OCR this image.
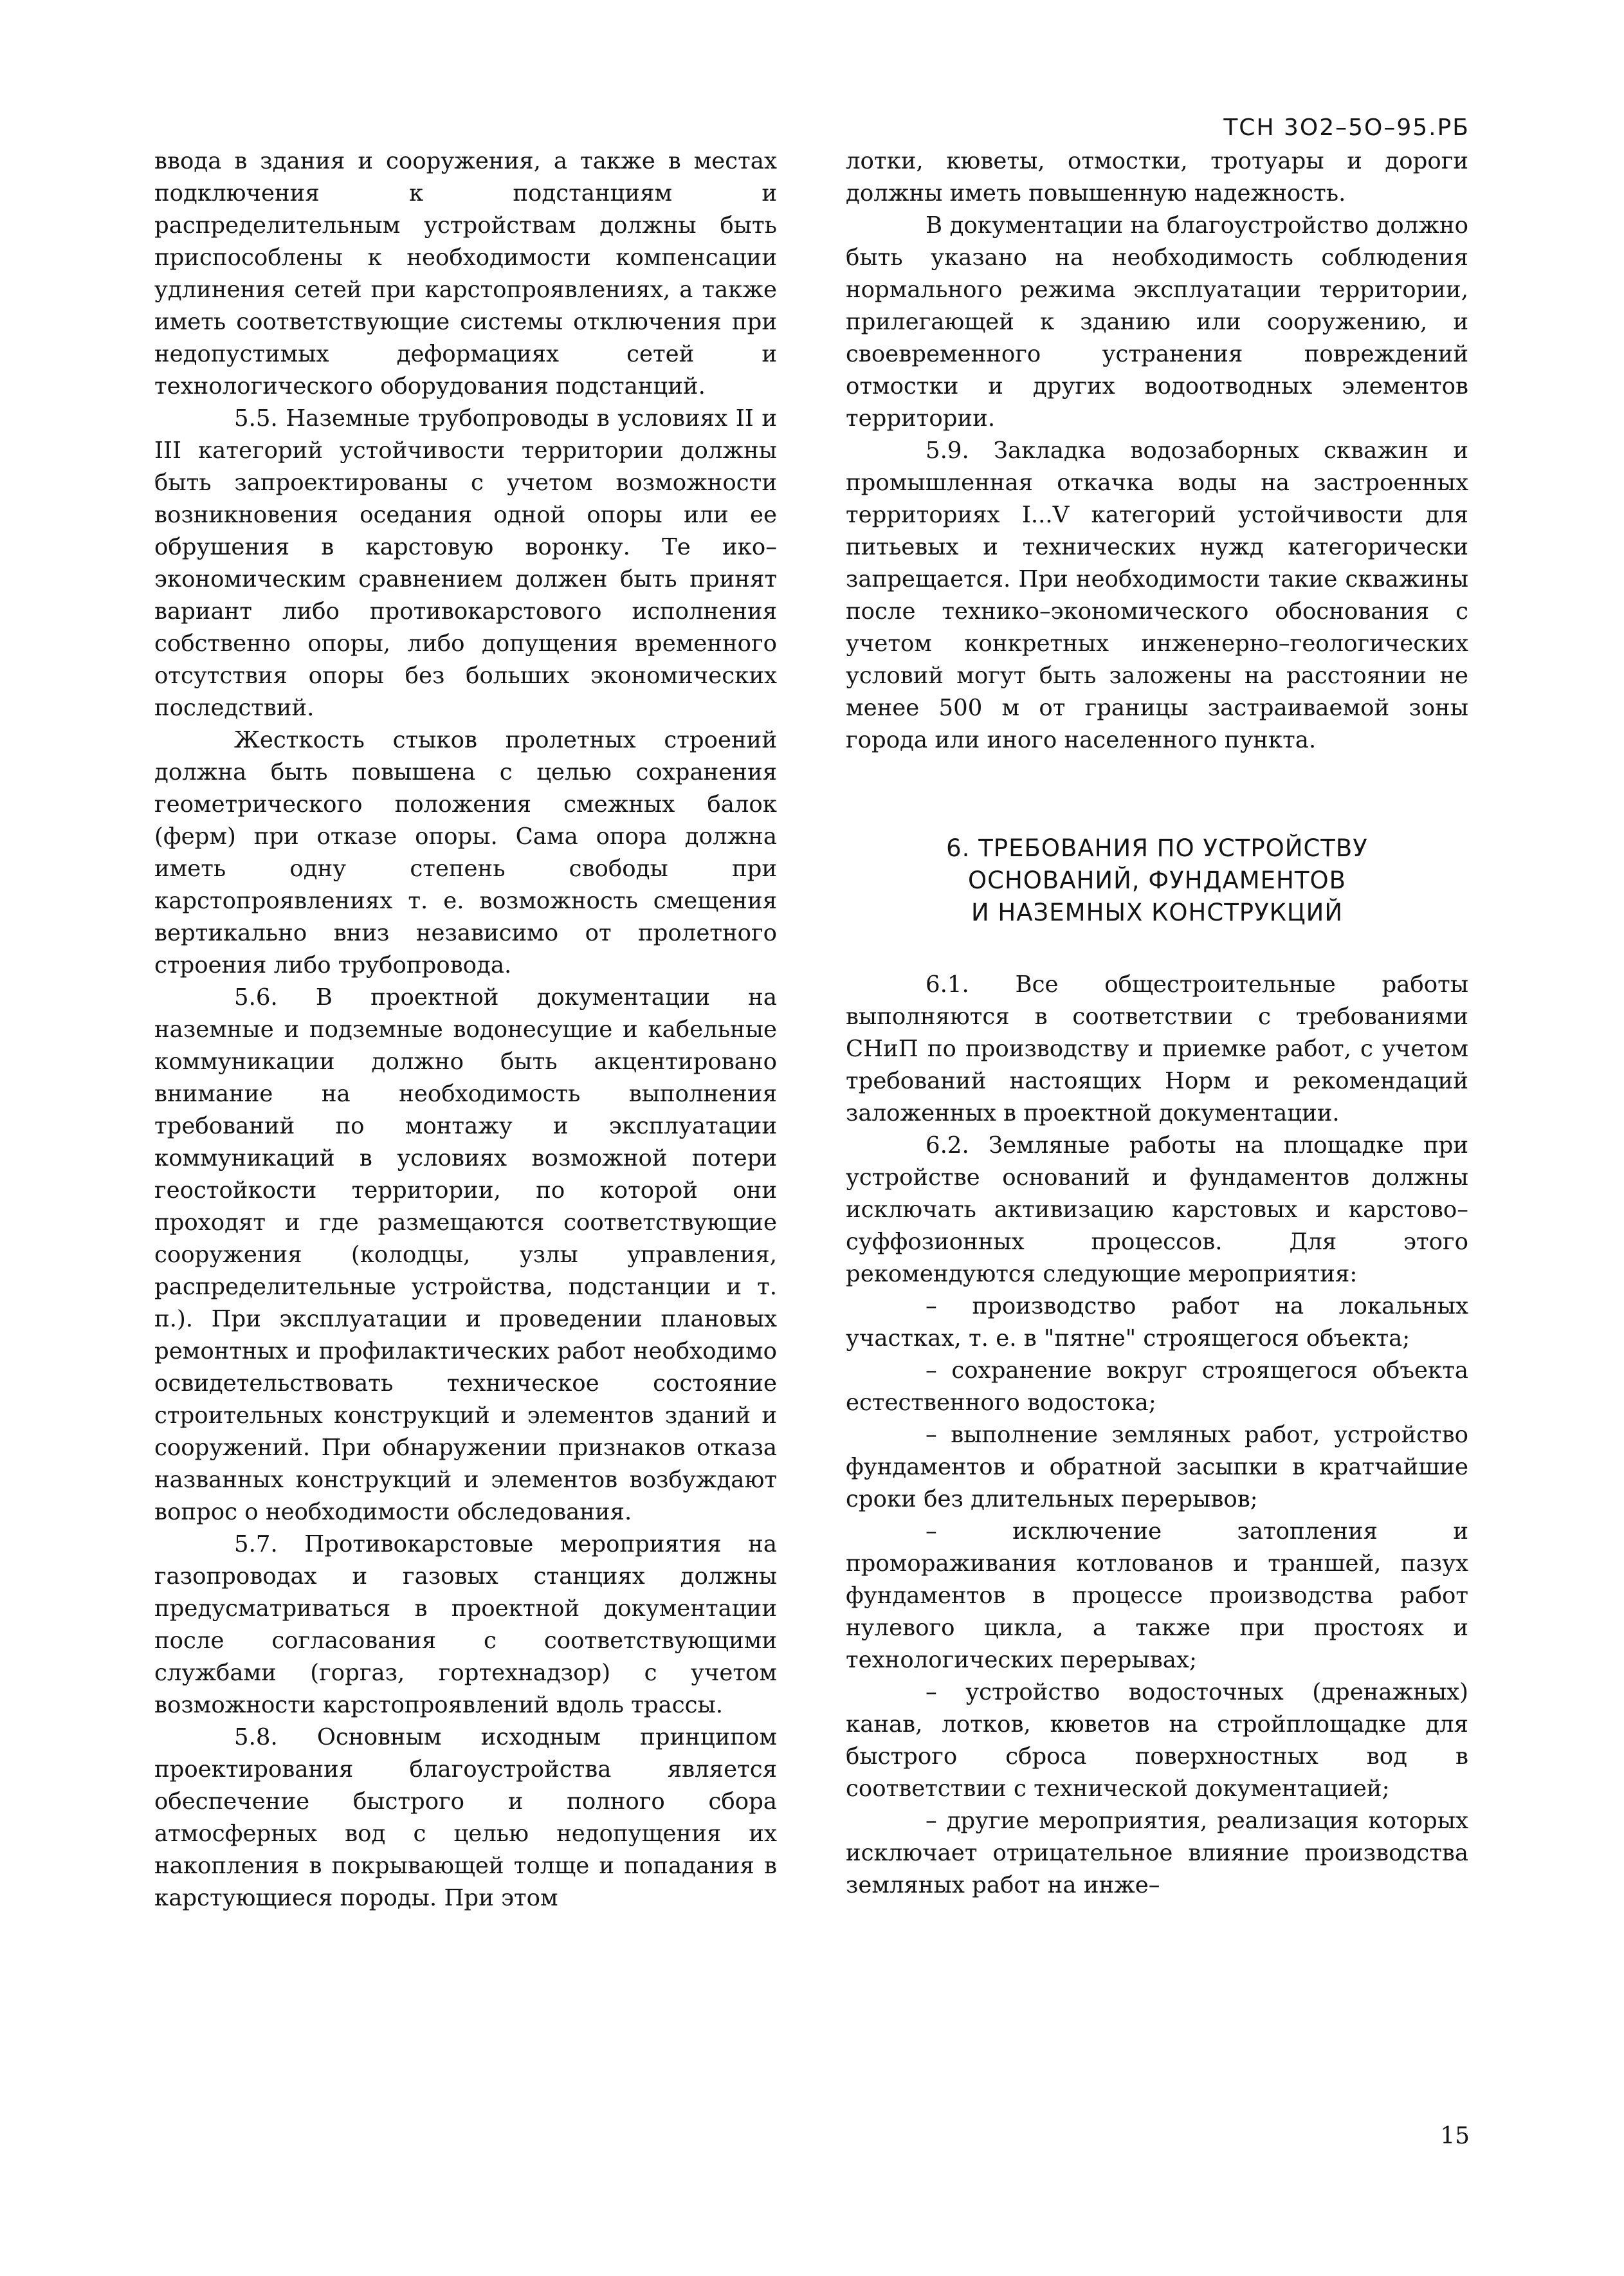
ТСН 3О2–5О–95.РБ

ввода в здания и сооружения, а также в местах подключения к подстанциям и распределительным устройствам должны быть приспособлены к необходимости компенсации удлинения сетей при карстопроявлениях, а также иметь соответствующие системы отключения при недопустимых деформациях сетей и технологического оборудования подстанций.

5.5. Наземные трубопроводы в условиях II и III категорий устойчивости территории должны быть запроектированы с учетом возможности возникновения оседания одной опоры или ее обрушения в карстовую воронку. Те ико–экономическим сравнением должен быть принят вариант либо противокарстового исполнения собственно опоры, либо допущения временного отсутствия опоры без больших экономических последствий.

Жесткость стыков пролетных строений должна быть повышена с целью сохранения геометрического положения смежных балок (ферм) при отказе опоры. Сама опора должна иметь одну степень свободы при карстопроявлениях т. е. возможность смещения вертикально вниз независимо от пролетного строения либо трубопровода.

5.6. В проектной документации на наземные и подземные водонесущие и кабельные коммуникации должно быть акцентировано внимание на необходимость выполнения требований по монтажу и эксплуатации коммуникаций в условиях возможной потери геостойкости территории, по которой они проходят и где размещаются соответствующие сооружения (колодцы, узлы управления, распределительные устройства, подстанции и т. п.). При эксплуатации и проведении плановых ремонтных и профилактических работ необходимо освидетельствовать техническое состояние строительных конструкций и элементов зданий и сооружений. При обнаружении признаков отказа названных конструкций и элементов возбуждают вопрос о необходимости обследования.

5.7. Противокарстовые мероприятия на газопроводах и газовых станциях должны предусматриваться в проектной документации после согласования с соответствующими службами (горгаз, гортехнадзор) с учетом возможности карстопроявлений вдоль трассы.

5.8. Основным исходным принципом проектирования благоустройства является обеспечение быстрого и полного сбора атмосферных вод с целью недопущения их накопления в покрывающей толще и попадания в карстующиеся породы. При этом

лотки, кюветы, отмостки, тротуары и дороги должны иметь повышенную надежность.

В документации на благоустройство должно быть указано на необходимость соблюдения нормального режима эксплуатации территории, прилегающей к зданию или сооружению, и своевременного устранения повреждений отмостки и других водоотводных элементов территории.

5.9. Закладка водозаборных скважин и промышленная откачка воды на застроенных территориях I...V категорий устойчивости для питьевых и технических нужд категорически запрещается. При необходимости такие скважины после технико–экономического обоснования с учетом конкретных инженерно–геологических условий могут быть заложены на расстоянии не менее 500 м от границы застраиваемой зоны города или иного населенного пункта.

6. ТРЕБОВАНИЯ ПО УСТРОЙСТВУ
ОСНОВАНИЙ, ФУНДАМЕНТОВ
И НАЗЕМНЫХ КОНСТРУКЦИЙ

6.1. Все общестроительные работы выполняются в соответствии с требованиями СНиП по производству и приемке работ, с учетом требований настоящих Норм и рекомендаций заложенных в проектной документации.

6.2. Земляные работы на площадке при устройстве оснований и фундаментов должны исключать активизацию карстовых и карстово–суффозионных процессов. Для этого рекомендуются следующие мероприятия:

– производство работ на локальных участках, т. е. в "пятне" строящегося объекта;

– сохранение вокруг строящегося объекта естественного водостока;

– выполнение земляных работ, устройство фундаментов и обратной засыпки в кратчайшие сроки без длительных перерывов;

– исключение затопления и промораживания котлованов и траншей, пазух фундаментов в процессе производства работ нулевого цикла, а также при простоях и технологических перерывах;

– устройство водосточных (дренажных) канав, лотков, кюветов на стройплощадке для быстрого сброса поверхностных вод в соответствии с технической документацией;

– другие мероприятия, реализация которых исключает отрицательное влияние производства земляных работ на инже–

15
